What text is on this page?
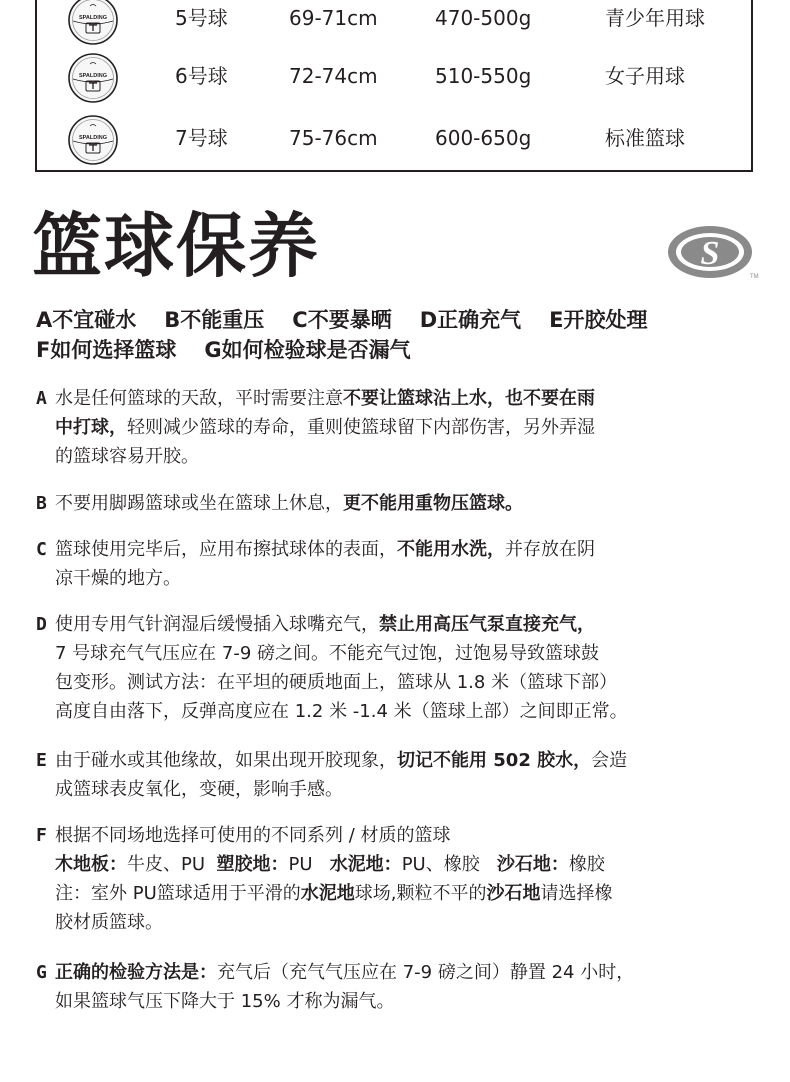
SPALDING	5号球	69-71cm	470-500g	青少年用球
SPALDING	6号球	72-74cm	510-550g	女子用球
SPALDING	7号球	75-76cm	600-650g	标准篮球
篮球保养	S
TM
A不宜碰水 B不能重压 C不要暴晒 D正确充气 E开胶处理
F如何选择篮球 G如何检验球是否漏气
A 水是任何篮球的天敌，平时需要注意不要让篮球沾上水，也不要在雨
中打球，轻则减少篮球的寿命，重则使篮球留下内部伤害，另外弄湿
的篮球容易开胶。
B 不要用脚踢篮球或坐在篮球上休息，更不能用重物压篮球。
C 篮球使用完毕后，应用布擦拭球体的表面，不能用水洗，并存放在阴
凉干燥的地方。
D 使用专用气针润湿后缓慢插入球嘴充气，禁止用高压气泵直接充气，
7 号球充气气压应在 7-9 磅之间。不能充气过饱，过饱易导致篮球鼓
包变形。测试方法：在平坦的硬质地面上，篮球从 1.8 米（篮球下部）
高度自由落下，反弹高度应在 1.2 米 -1.4 米（篮球上部）之间即正常。
E 由于碰水或其他缘故，如果出现开胶现象，切记不能用 502 胶水，会造
成篮球表皮氧化，变硬，影响手感。
F 根据不同场地选择可使用的不同系列 / 材质的篮球
木地板：牛皮、PU  塑胶地：PU   水泥地：PU、橡胶   沙石地：橡胶
注：室外 PU篮球适用于平滑的水泥地球场,颗粒不平的沙石地请选择橡
胶材质篮球。
G 正确的检验方法是：充气后（充气气压应在 7-9 磅之间）静置 24 小时，
如果篮球气压下降大于 15% 才称为漏气。
